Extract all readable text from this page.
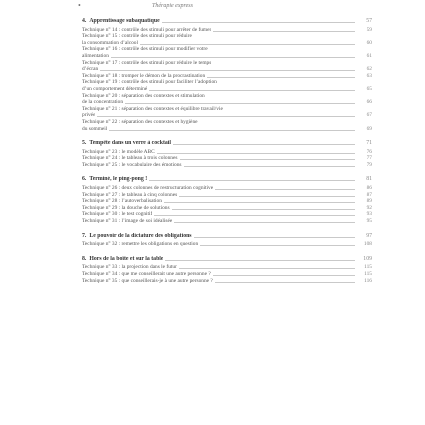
•	Thérapie express
4. Apprentissage subaquatique	57
Technique n° 14 : contrôle des stimuli pour arrêter de fumer	59
Technique n° 15 : contrôle des stimuli pour réduire
la consommation d’alcool	60
Technique n° 16 : contrôle des stimuli pour modifier votre
alimentation	61
Technique n° 17 : contrôle des stimuli pour réduire le temps
d’écran	62
Technique n° 18 : tromper le démon de la procrastination	63
Technique n° 19 : contrôle des stimuli pour faciliter l’adoption
d’un comportement déterminé	65
Technique n° 20 : séparation des contextes et stimulation
de la concentration	66
Technique n° 21 : séparation des contextes et équilibre travail/vie
privée	67
Technique n° 22 : séparation des contextes et hygiène
du sommeil	69
5. Tempête dans un verre à cocktail	71
Technique n° 23 : le modèle ABC	76
Technique n° 24 : le tableau à trois colonnes	77
Technique n° 25 : le vocabulaire des émotions	79
6. Terminé, le ping-pong !	81
Technique n° 26 : deux colonnes de restructuration cognitive	86
Technique n° 27 : le tableau à cinq colonnes	87
Technique n° 28 : l’autoverbalisation	89
Technique n° 29 : la douche de solutions	92
Technique n° 30 : le test cognitif	93
Technique n° 31 : l’image de soi idéalisée	95
7. Le pouvoir de la dictature des obligations	97
Technique n° 32 : remettre les obligations en question	108
8. Hors de la boîte et sur la table	109
Technique n° 33 : la projection dans le futur	115
Technique n° 34 : que me conseillerait une autre personne ?	115
Technique n° 35 : que conseillerais-je à une autre personne ?	116
